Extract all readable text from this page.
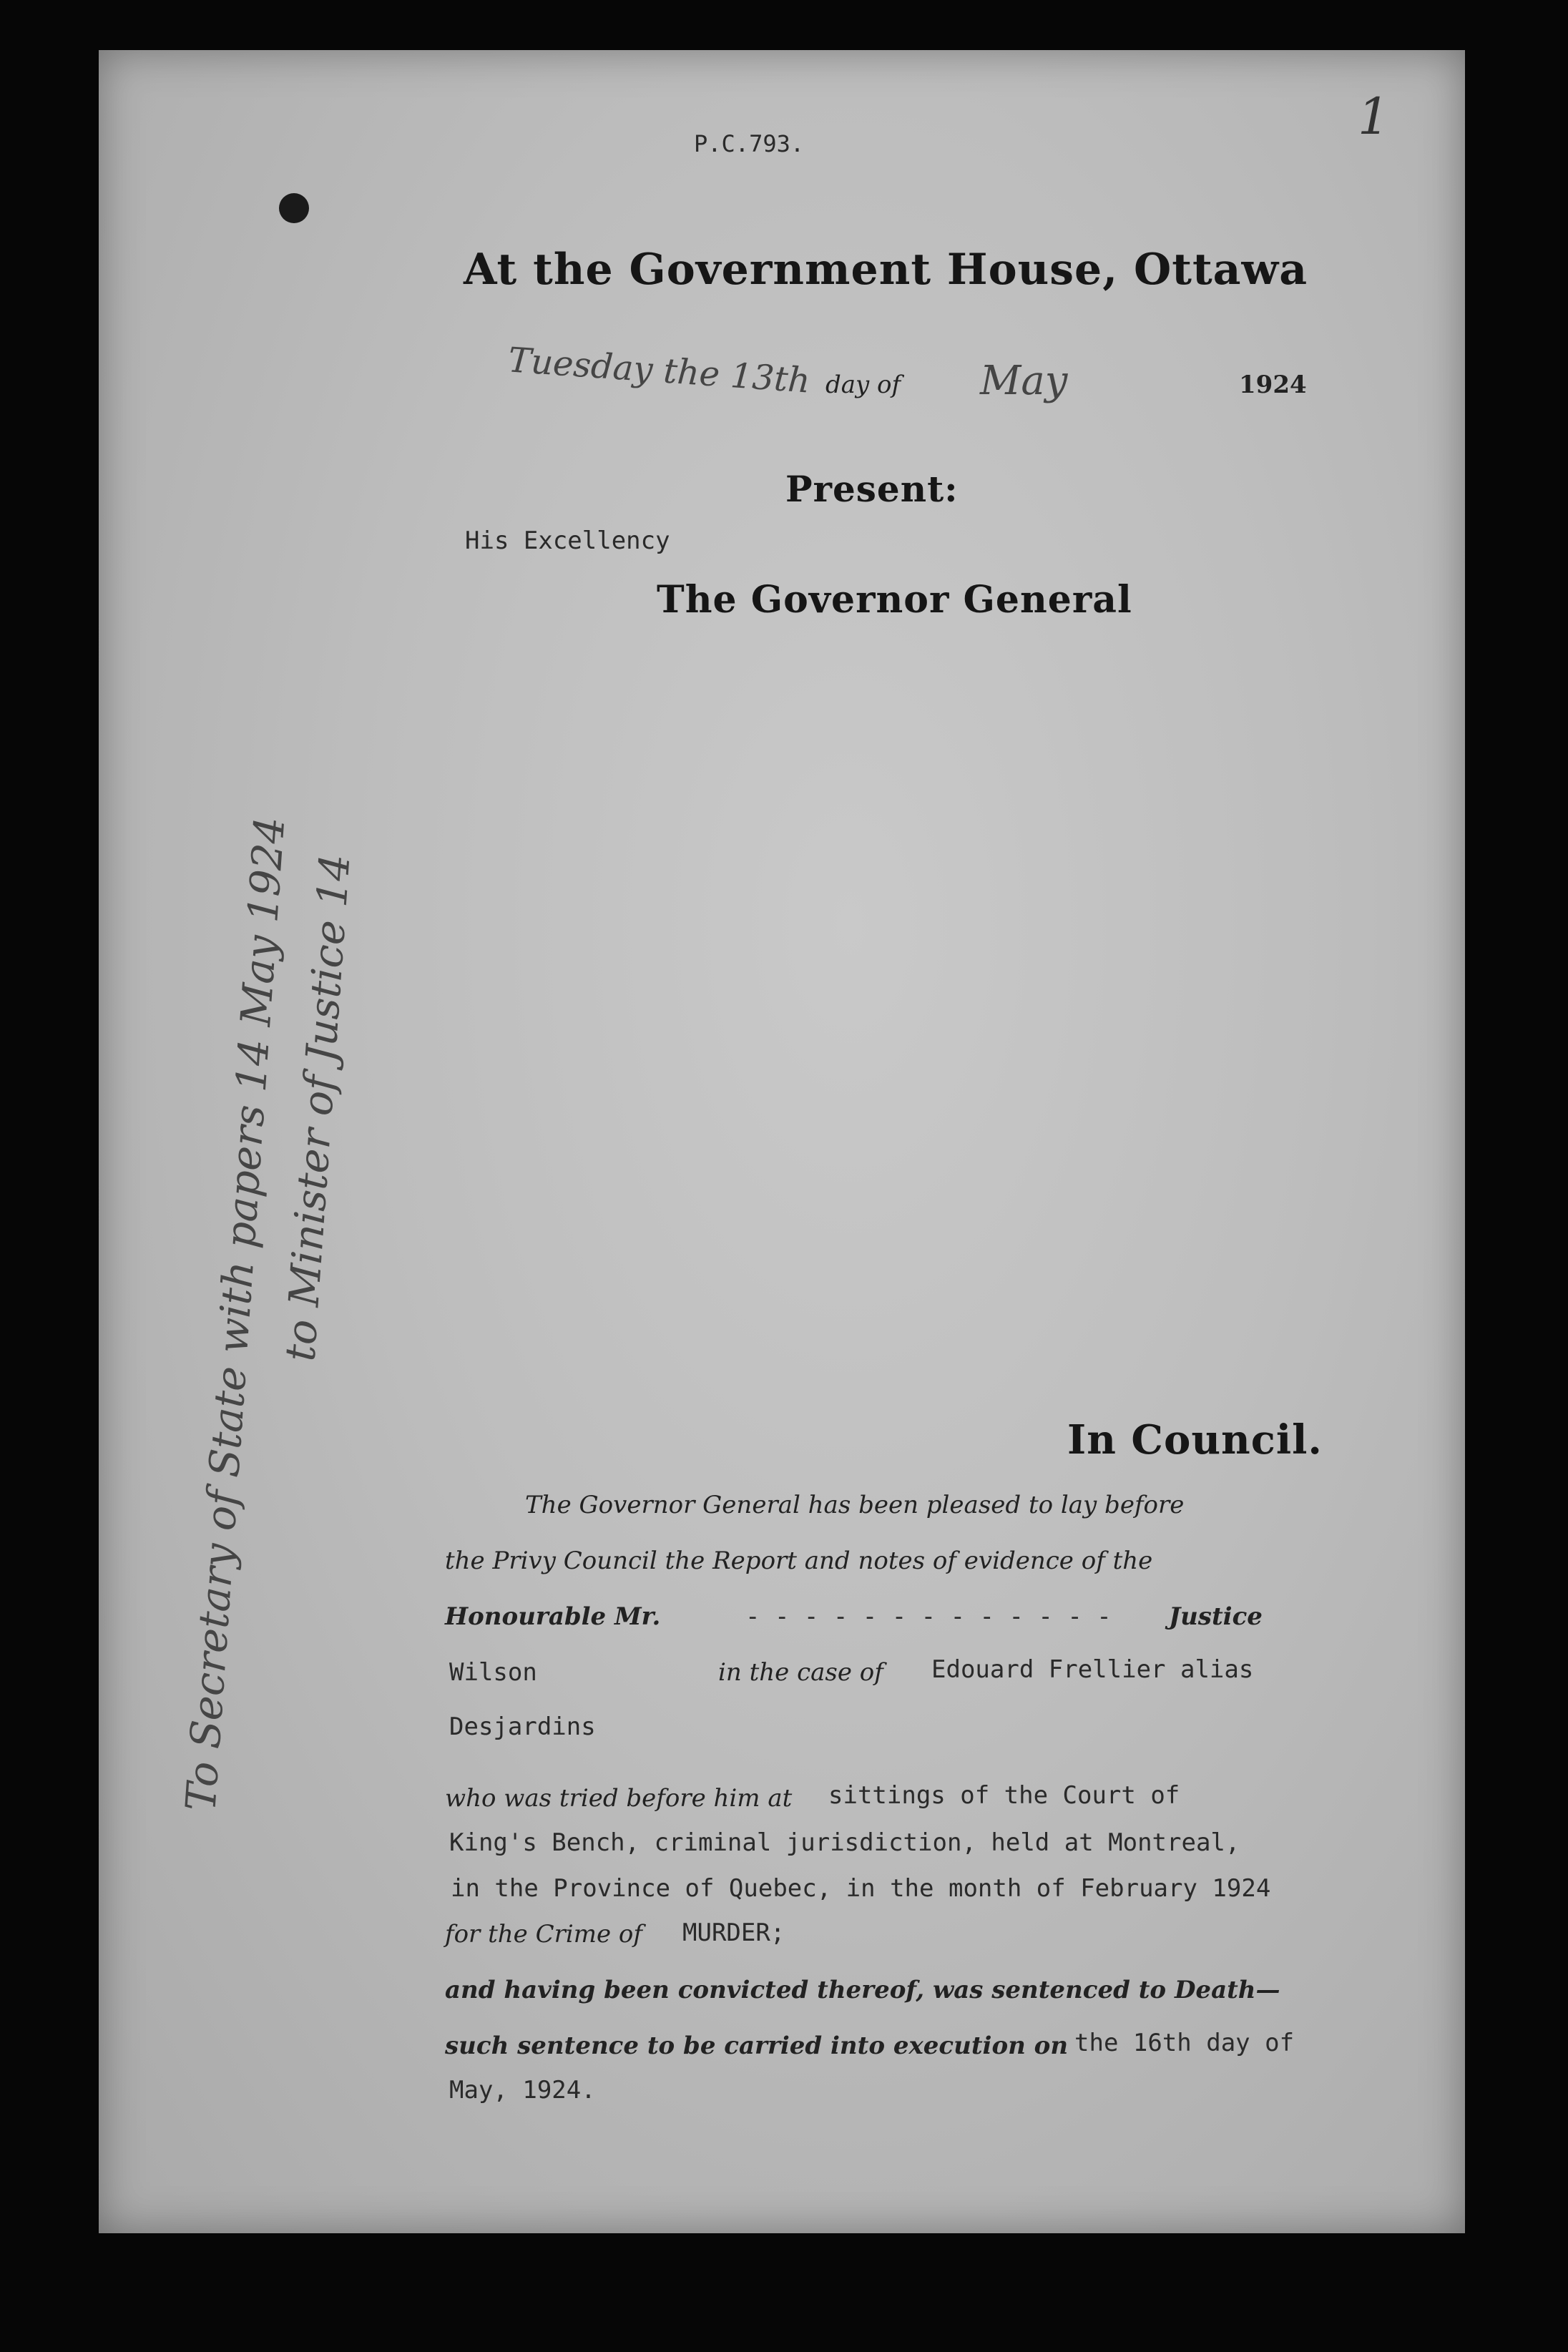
P.C.793.	1
At the Government House, Ottawa
Tuesday the 13th day of May	1924
Present:
His Excellency
The Governor General
In Council.
The Governor General has been pleased to lay before
the Privy Council the Report and notes of evidence of the
Honourable Mr.	- - - - - - - - - - - - - Justice
Wilson	in the case of Edouard Frellier alias
Desjardins
who was tried before him at sittings of the Court of
King's Bench, criminal jurisdiction, held at Montreal,
in the Province of Quebec, in the month of February 1924
for the Crime of MURDER;
and having been convicted thereof, was sentenced to Death—
such sentence to be carried into execution on the 16th day of
May, 1924.
ﾠ
To Secretary of State with papers 14 May 1924
to Minister of Justice 14
